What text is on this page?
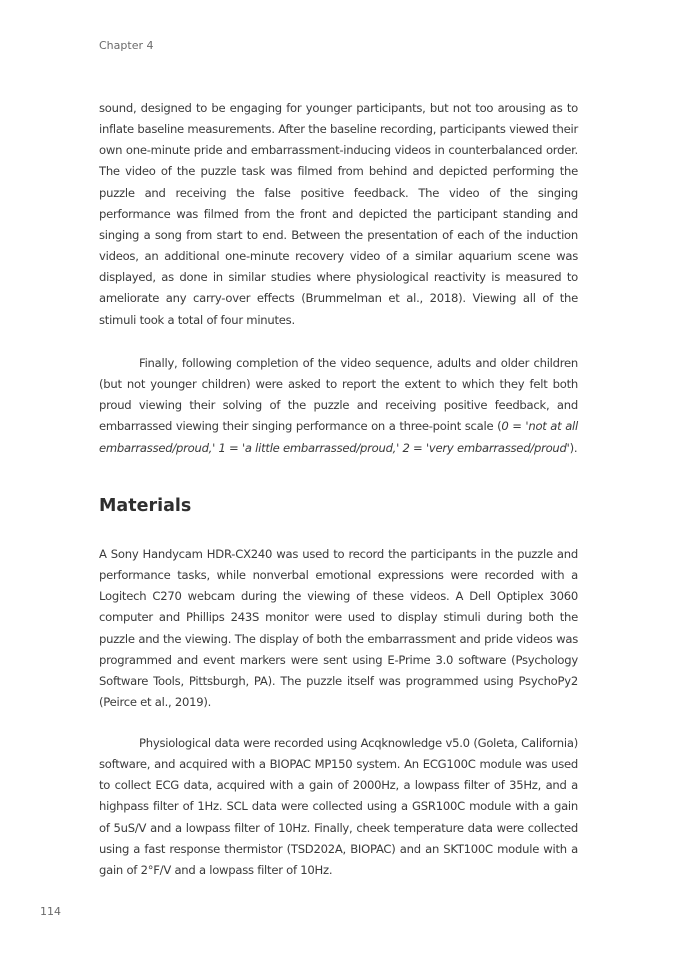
Chapter 4

sound, designed to be engaging for younger participants, but not too arousing as to inflate baseline measurements. After the baseline recording, participants viewed their own one-minute pride and embarrassment-inducing videos in counterbalanced order. The video of the puzzle task was filmed from behind and depicted performing the puzzle and receiving the false positive feedback. The video of the singing performance was filmed from the front and depicted the participant standing and singing a song from start to end. Between the presentation of each of the induction videos, an additional one-minute recovery video of a similar aquarium scene was displayed, as done in similar studies where physiological reactivity is measured to ameliorate any carry-over effects (Brummelman et al., 2018). Viewing all of the stimuli took a total of four minutes.

Finally, following completion of the video sequence, adults and older children (but not younger children) were asked to report the extent to which they felt both proud viewing their solving of the puzzle and receiving positive feedback, and embarrassed viewing their singing performance on a three-point scale (0 = 'not at all embarrassed/proud,' 1 = 'a little embarrassed/proud,' 2 = 'very embarrassed/proud').

Materials

A Sony Handycam HDR-CX240 was used to record the participants in the puzzle and performance tasks, while nonverbal emotional expressions were recorded with a Logitech C270 webcam during the viewing of these videos. A Dell Optiplex 3060 computer and Phillips 243S monitor were used to display stimuli during both the puzzle and the viewing. The display of both the embarrassment and pride videos was programmed and event markers were sent using E-Prime 3.0 software (Psychology Software Tools, Pittsburgh, PA). The puzzle itself was programmed using PsychoPy2 (Peirce et al., 2019).

Physiological data were recorded using Acqknowledge v5.0 (Goleta, California) software, and acquired with a BIOPAC MP150 system. An ECG100C module was used to collect ECG data, acquired with a gain of 2000Hz, a lowpass filter of 35Hz, and a highpass filter of 1Hz. SCL data were collected using a GSR100C module with a gain of 5uS/V and a lowpass filter of 10Hz. Finally, cheek temperature data were collected using a fast response thermistor (TSD202A, BIOPAC) and an SKT100C module with a gain of 2°F/V and a lowpass filter of 10Hz.

114
